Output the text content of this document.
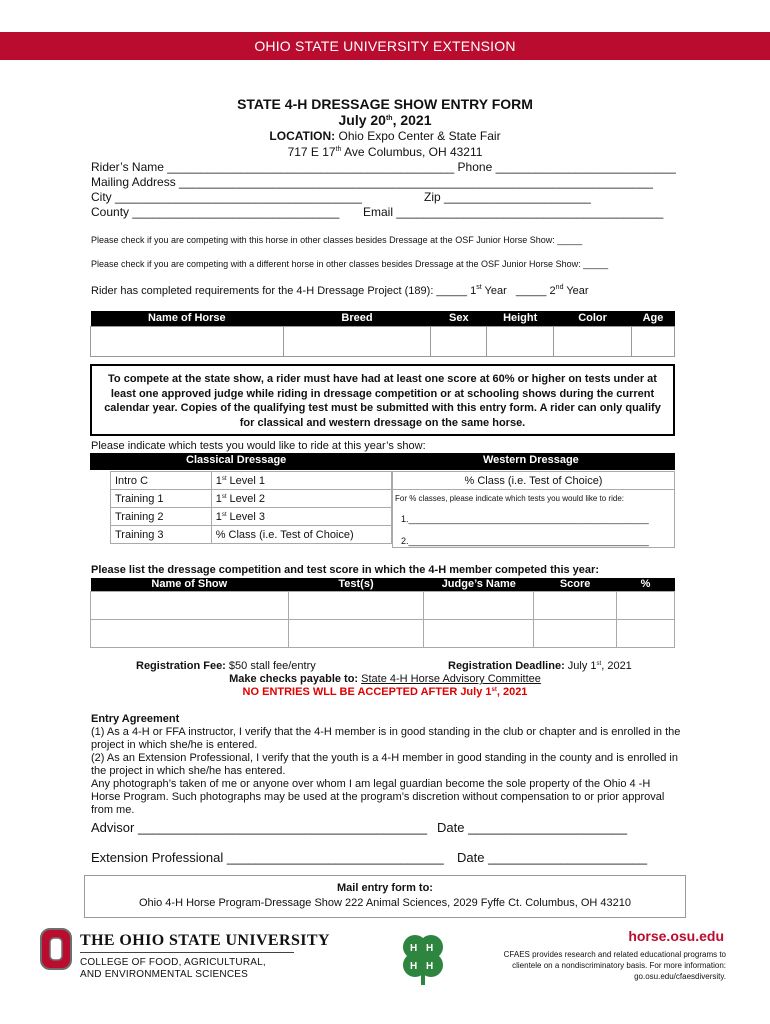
OHIO STATE UNIVERSITY EXTENSION
STATE 4-H DRESSAGE SHOW ENTRY FORM
July 20th, 2021
LOCATION: Ohio Expo Center & State Fair
717 E 17th Ave Columbus, OH 43211
Rider’s Name ___________________________________________ Phone ___________________________
Mailing Address _______________________________________________________________________
City _____________________________________	Zip ______________________
County _______________________________ Email ________________________________________
Please check if you are competing with this horse in other classes besides Dressage at the OSF Junior Horse Show: _____
Please check if you are competing with a different horse in other classes besides Dressage at the OSF Junior Horse Show: _____
Rider has completed requirements for the 4-H Dressage Project (189): _____ 1st Year   _____ 2nd Year
Name of Horse	Breed	Sex	Height	Color	Age

To compete at the state show, a rider must have had at least one score at 60% or higher on tests under at least one approved judge while riding in dressage competition or at schooling shows during the current calendar year. Copies of the qualifying test must be submitted with this entry form. A rider can only qualify for classical and western dressage on the same horse.
Please indicate which tests you would like to ride at this year’s show:
Classical Dressage	Western Dressage
Intro C	1st Level 1
Training 1	1st Level 2
Training 2	1st Level 3
Training 3	% Class (i.e. Test of Choice)
% Class (i.e. Test of Choice)
For % classes, please indicate which tests you would like to ride:
1.________________________________________________
2.________________________________________________
Please list the dressage competition and test score in which the 4-H member competed this year:
Name of Show	Test(s)	Judge’s Name	Score	%

Registration Fee: $50 stall fee/entry	Registration Deadline: July 1st, 2021
Make checks payable to: State 4-H Horse Advisory Committee
NO ENTRIES WLL BE ACCEPTED AFTER July 1st, 2021
Entry Agreement
(1) As a 4-H or FFA instructor, I verify that the 4-H member is in good standing in the club or chapter and is enrolled in the project in which she/he is entered.
(2) As an Extension Professional, I verify that the youth is a 4-H member in good standing in the county and is enrolled in the project in which she/he has entered.
Any photograph’s taken of me or anyone over whom I am legal guardian become the sole property of the Ohio 4 -H Horse Program. Such photographs may be used at the program’s discretion without compensation to or prior approval from me.
Advisor ________________________________________ Date ______________________
Extension Professional ______________________________ Date ______________________
Mail entry form to:
Ohio 4-H Horse Program-Dressage Show 222 Animal Sciences, 2029 Fyffe Ct. Columbus, OH 43210
THE OHIO STATE UNIVERSITY
COLLEGE OF FOOD, AGRICULTURAL,
AND ENVIRONMENTAL SCIENCES
H H
H H
horse.osu.edu
CFAES provides research and related educational programs to clientele on a nondiscriminatory basis. For more information: go.osu.edu/cfaesdiversity.
